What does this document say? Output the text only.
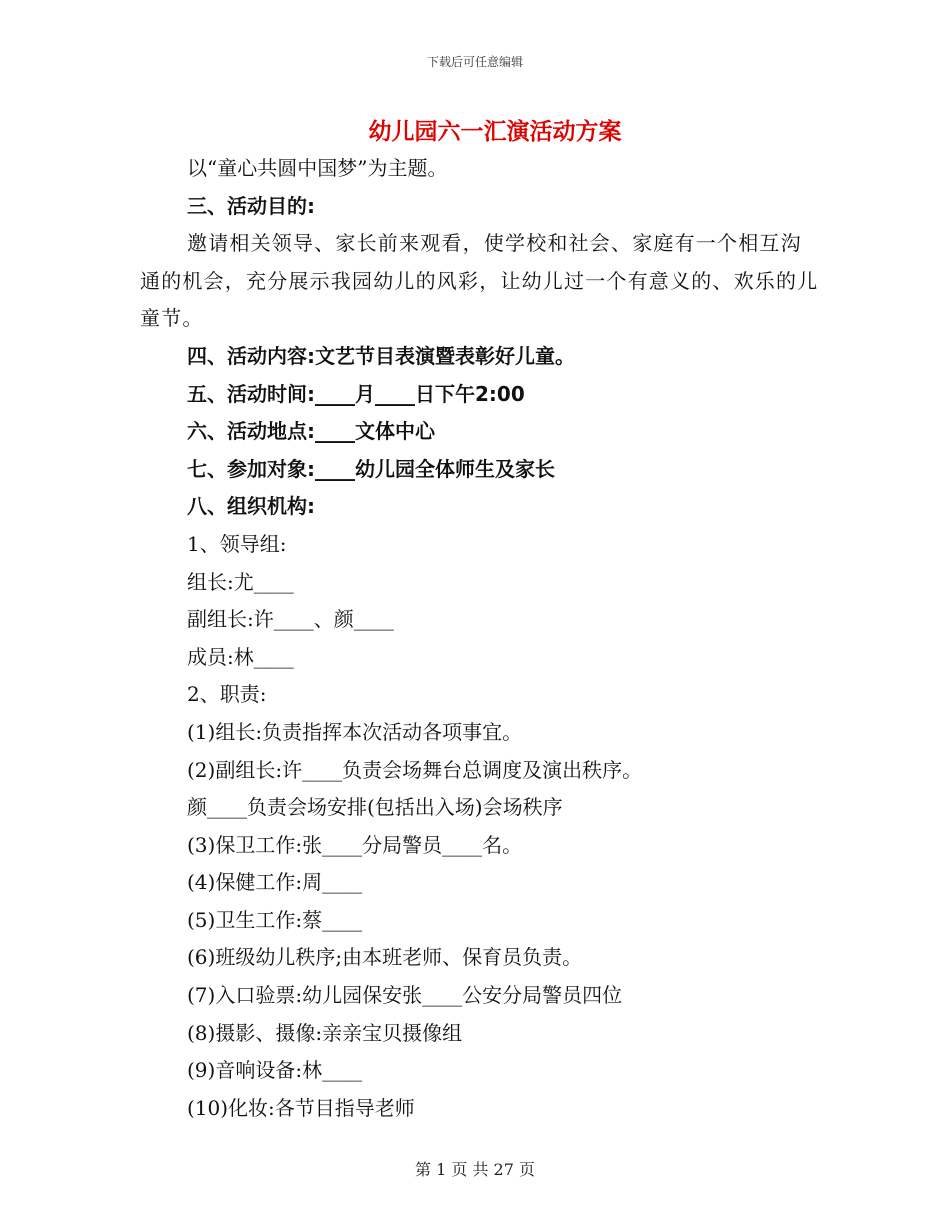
下载后可任意编辑
幼儿园六一汇演活动方案
以“童心共圆中国梦”为主题。
三、活动目的:
邀请相关领导、家长前来观看，使学校和社会、家庭有一个相互沟通的机会，充分展示我园幼儿的风彩，让幼儿过一个有意义的、欢乐的儿童节。
四、活动内容:文艺节目表演暨表彰好儿童。
五、活动时间:____月____日下午2:00
六、活动地点:____文体中心
七、参加对象:____幼儿园全体师生及家长
八、组织机构:
1、领导组:
组长:尤____
副组长:许____、颜____
成员:林____
2、职责:
(1)组长:负责指挥本次活动各项事宜。
(2)副组长:许____负责会场舞台总调度及演出秩序。
颜____负责会场安排(包括出入场)会场秩序
(3)保卫工作:张____分局警员____名。
(4)保健工作:周____
(5)卫生工作:蔡____
(6)班级幼儿秩序;由本班老师、保育员负责。
(7)入口验票:幼儿园保安张____公安分局警员四位
(8)摄影、摄像:亲亲宝贝摄像组
(9)音响设备:林____
(10)化妆:各节目指导老师
第 1 页 共 27 页
